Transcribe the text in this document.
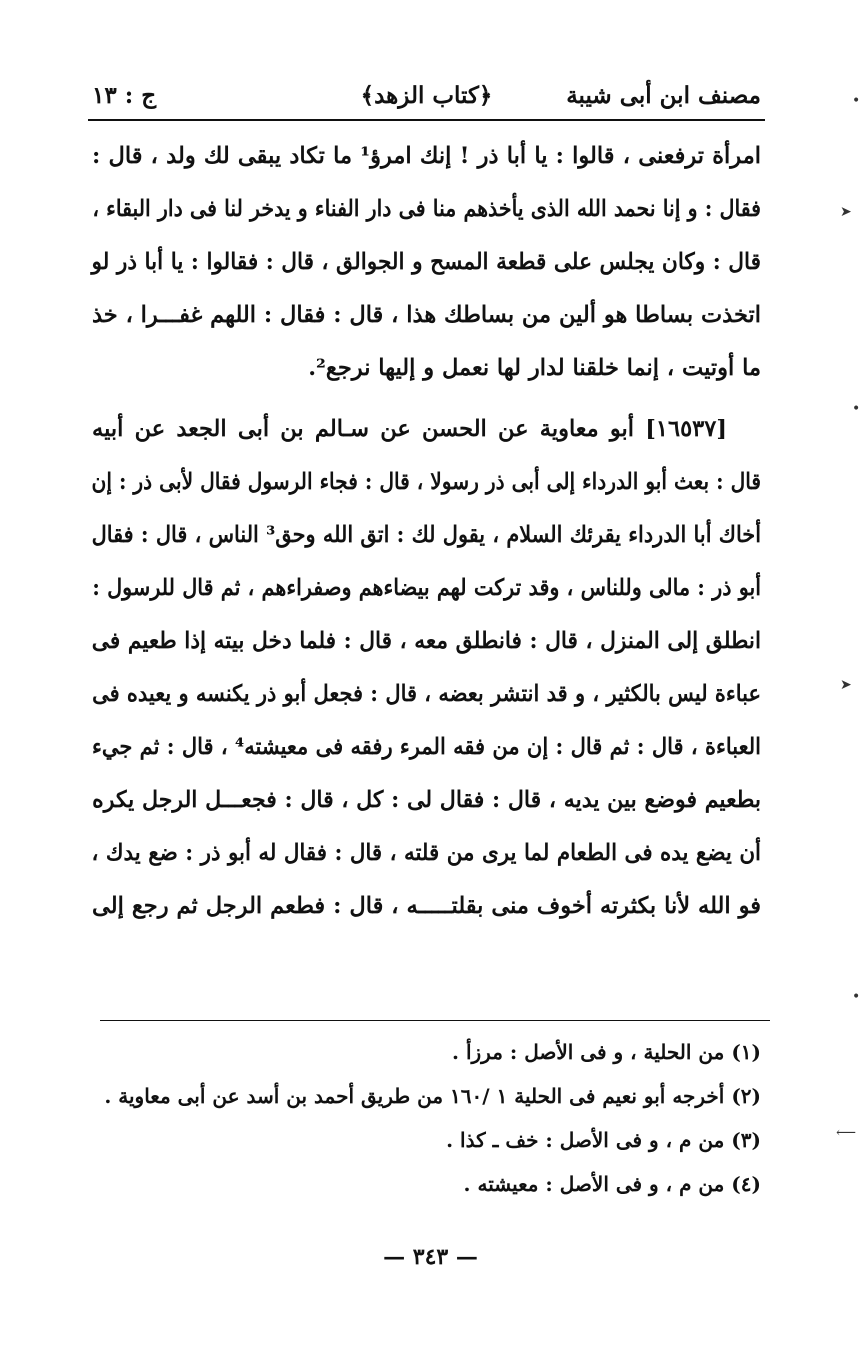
مصنف ابن أبى شيبة
﴿كتاب الزهد﴾
ج : ١٣

امرأة ترفعنى ، قالوا : يا أبا ذر ! إنك امرؤ¹ ما تكاد يبقى لك ولد ، قال :
فقال : و إنا نحمد الله الذى يأخذهم منا فى دار الفناء و يدخر لنا فى دار البقاء ،
قال : وكان يجلس على قطعة المسح و الجوالق ، قال : فقالوا : يا أبا ذر لو
اتخذت بساطا هو ألين من بساطك هذا ، قال : فقال : اللهم غفـــرا ، خذ
ما أوتيت ، إنما خلقنا لدار لها نعمل و إليها نرجع².

[١٦٥٣٧] أبو معاوية عن الحسن عن سـالم بن أبى الجعد عن أبيه
قال : بعث أبو الدرداء إلى أبى ذر رسولا ، قال : فجاء الرسول فقال لأبى ذر : إن
أخاك أبا الدرداء يقرئك السلام ، يقول لك : اتق الله وحق³ الناس ، قال : فقال
أبو ذر : مالى وللناس ، وقد تركت لهم بيضاءهم وصفراءهم ، ثم قال للرسول :
انطلق إلى المنزل ، قال : فانطلق معه ، قال : فلما دخل بيته إذا طعيم فى
عباءة ليس بالكثير ، و قد انتشر بعضه ، قال : فجعل أبو ذر يكنسه و يعيده فى
العباءة ، قال : ثم قال : إن من فقه المرء رفقه فى معيشته⁴ ، قال : ثم جيء
بطعيم فوضع بين يديه ، قال : فقال لى : كل ، قال : فجعـــل الرجل يكره
أن يضع يده فى الطعام لما يرى من قلته ، قال : فقال له أبو ذر : ضع يدك ،
فو الله لأنا بكثرته أخوف منى بقلتـــــه ، قال : فطعم الرجل ثم رجع إلى

(١) من الحلية ، و فى الأصل : مرزأ .
(٢) أخرجه أبو نعيم فى الحلية ١ /١٦٠ من طريق أحمد بن أسد عن أبى معاوية .
(٣) من م ، و فى الأصل : خف ـ كذا .
(٤) من م ، و فى الأصل : معيشته .
— ٣٤٣ —
➤
➤
⟵
•
•
•
